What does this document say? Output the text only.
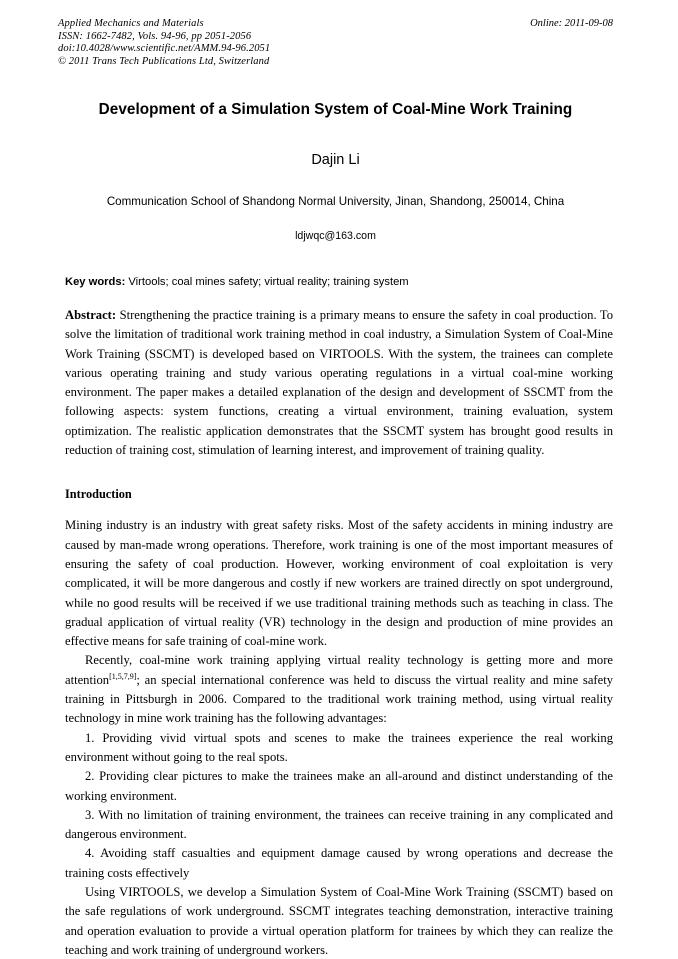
Applied Mechanics and Materials
ISSN: 1662-7482, Vols. 94-96, pp 2051-2056
doi:10.4028/www.scientific.net/AMM.94-96.2051
© 2011 Trans Tech Publications Ltd, Switzerland
Online: 2011-09-08
Development of a Simulation System of Coal-Mine Work Training
Dajin Li
Communication School of Shandong Normal University, Jinan, Shandong, 250014, China
ldjwqc@163.com
Key words: Virtools; coal mines safety; virtual reality; training system
Abstract: Strengthening the practice training is a primary means to ensure the safety in coal production. To solve the limitation of traditional work training method in coal industry, a Simulation System of Coal-Mine Work Training (SSCMT) is developed based on VIRTOOLS. With the system, the trainees can complete various operating training and study various operating regulations in a virtual coal-mine working environment. The paper makes a detailed explanation of the design and development of SSCMT from the following aspects: system functions, creating a virtual environment, training evaluation, system optimization. The realistic application demonstrates that the SSCMT system has brought good results in reduction of training cost, stimulation of learning interest, and improvement of training quality.
Introduction

Mining industry is an industry with great safety risks. Most of the safety accidents in mining industry are caused by man-made wrong operations. Therefore, work training is one of the most important measures of ensuring the safety of coal production. However, working environment of coal exploitation is very complicated, it will be more dangerous and costly if new workers are trained directly on spot underground, while no good results will be received if we use traditional training methods such as teaching in class. The gradual application of virtual reality (VR) technology in the design and production of mine provides an effective means for safe training of coal-mine work.

Recently, coal-mine work training applying virtual reality technology is getting more and more attention[1,5,7,9]; an special international conference was held to discuss the virtual reality and mine safety training in Pittsburgh in 2006. Compared to the traditional work training method, using virtual reality technology in mine work training has the following advantages:

1. Providing vivid virtual spots and scenes to make the trainees experience the real working environment without going to the real spots.

2. Providing clear pictures to make the trainees make an all-around and distinct understanding of the working environment.

3. With no limitation of training environment, the trainees can receive training in any complicated and dangerous environment.

4. Avoiding staff casualties and equipment damage caused by wrong operations and decrease the training costs effectively

Using VIRTOOLS, we develop a Simulation System of Coal-Mine Work Training (SSCMT) based on the safe regulations of work underground. SSCMT integrates teaching demonstration, interactive training and operation evaluation to provide a virtual operation platform for trainees by which they can realize the teaching and work training of underground workers.
